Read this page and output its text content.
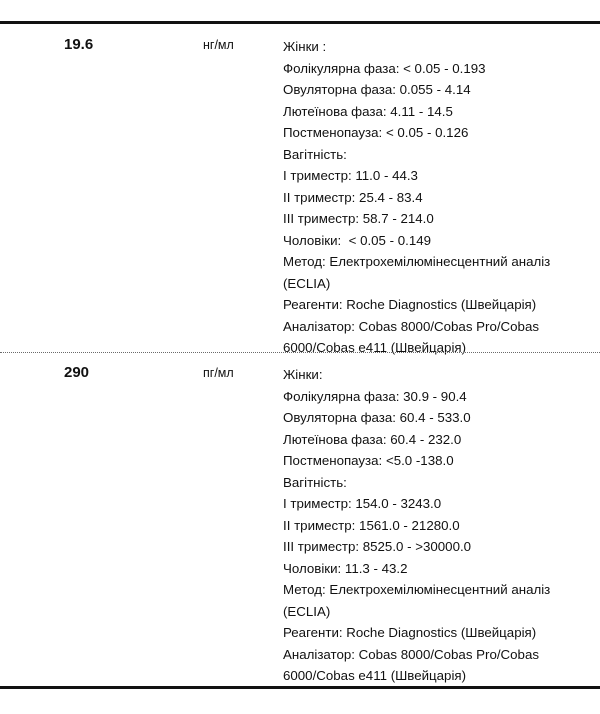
19.6	нг/мл	Жінки :
Фолікулярна фаза: < 0.05 - 0.193
Овуляторна фаза: 0.055 - 4.14
Лютеїнова фаза: 4.11 - 14.5
Постменопауза: < 0.05 - 0.126
Вагітність:
I триместр: 11.0 - 44.3
II триместр: 25.4 - 83.4
III триместр: 58.7 - 214.0
Чоловіки:  < 0.05 - 0.149
Метод: Електрохемілюмінесцентний аналіз
(ECLIA)
Реагенти: Roche Diagnostics (Швейцарія)
Аналізатор: Cobas 8000/Cobas Pro/Cobas
6000/Cobas e411 (Швейцарія)
290	пг/мл	Жінки:
Фолікулярна фаза: 30.9 - 90.4
Овуляторна фаза: 60.4 - 533.0
Лютеїнова фаза: 60.4 - 232.0
Постменопауза: <5.0 -138.0
Вагітність:
I триместр: 154.0 - 3243.0
II триместр: 1561.0 - 21280.0
III триместр: 8525.0 - >30000.0
Чоловіки: 11.3 - 43.2
Метод: Електрохемілюмінесцентний аналіз
(ECLIA)
Реагенти: Roche Diagnostics (Швейцарія)
Аналізатор: Cobas 8000/Cobas Pro/Cobas
6000/Cobas e411 (Швейцарія)
